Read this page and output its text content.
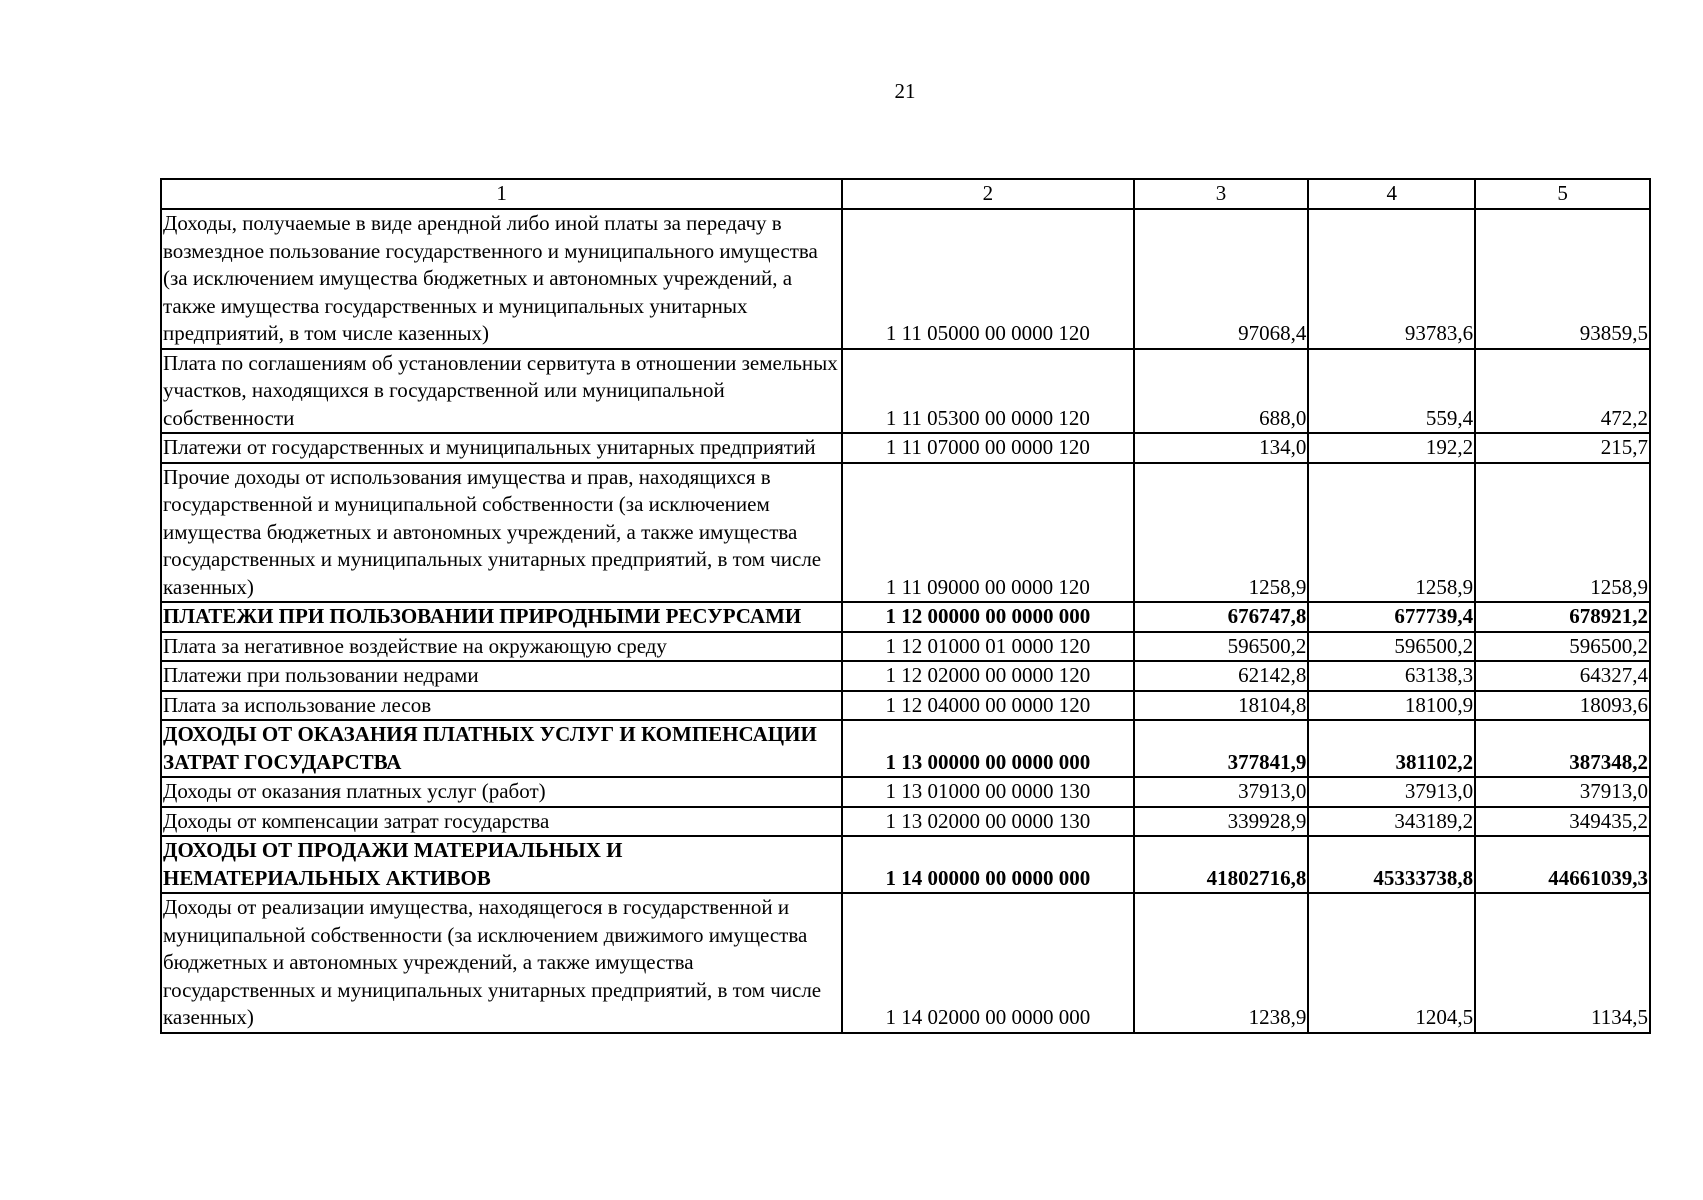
21
1	2	3	4	5
Доходы, получаемые в виде арендной либо иной платы за передачу в возмездное пользование государственного и муниципального имущества (за исключением имущества бюджетных и автономных учреждений, а также имущества государственных и муниципальных унитарных предприятий, в том числе казенных)	1 11 05000 00 0000 120	97068,4	93783,6	93859,5
Плата по соглашениям об установлении сервитута в отношении земельных участков, находящихся в государственной или муниципальной собственности	1 11 05300 00 0000 120	688,0	559,4	472,2
Платежи от государственных и муниципальных унитарных предприятий	1 11 07000 00 0000 120	134,0	192,2	215,7
Прочие доходы от использования имущества и прав, находящихся в государственной и муниципальной собственности (за исключением имущества бюджетных и автономных учреждений, а также имущества государственных и муниципальных унитарных предприятий, в том числе казенных)	1 11 09000 00 0000 120	1258,9	1258,9	1258,9
ПЛАТЕЖИ ПРИ ПОЛЬЗОВАНИИ ПРИРОДНЫМИ РЕСУРСАМИ	1 12 00000 00 0000 000	676747,8	677739,4	678921,2
Плата за негативное воздействие на окружающую среду	1 12 01000 01 0000 120	596500,2	596500,2	596500,2
Платежи при пользовании недрами	1 12 02000 00 0000 120	62142,8	63138,3	64327,4
Плата за использование лесов	1 12 04000 00 0000 120	18104,8	18100,9	18093,6
ДОХОДЫ ОТ ОКАЗАНИЯ ПЛАТНЫХ УСЛУГ И КОМПЕНСАЦИИ ЗАТРАТ ГОСУДАРСТВА	1 13 00000 00 0000 000	377841,9	381102,2	387348,2
Доходы от оказания платных услуг (работ)	1 13 01000 00 0000 130	37913,0	37913,0	37913,0
Доходы от компенсации затрат государства	1 13 02000 00 0000 130	339928,9	343189,2	349435,2
ДОХОДЫ ОТ ПРОДАЖИ МАТЕРИАЛЬНЫХ И НЕМАТЕРИАЛЬНЫХ АКТИВОВ	1 14 00000 00 0000 000	41802716,8	45333738,8	44661039,3
Доходы от реализации имущества, находящегося в государственной и муниципальной собственности (за исключением движимого имущества бюджетных и автономных учреждений, а также имущества государственных и муниципальных унитарных предприятий, в том числе казенных)	1 14 02000 00 0000 000	1238,9	1204,5	1134,5
